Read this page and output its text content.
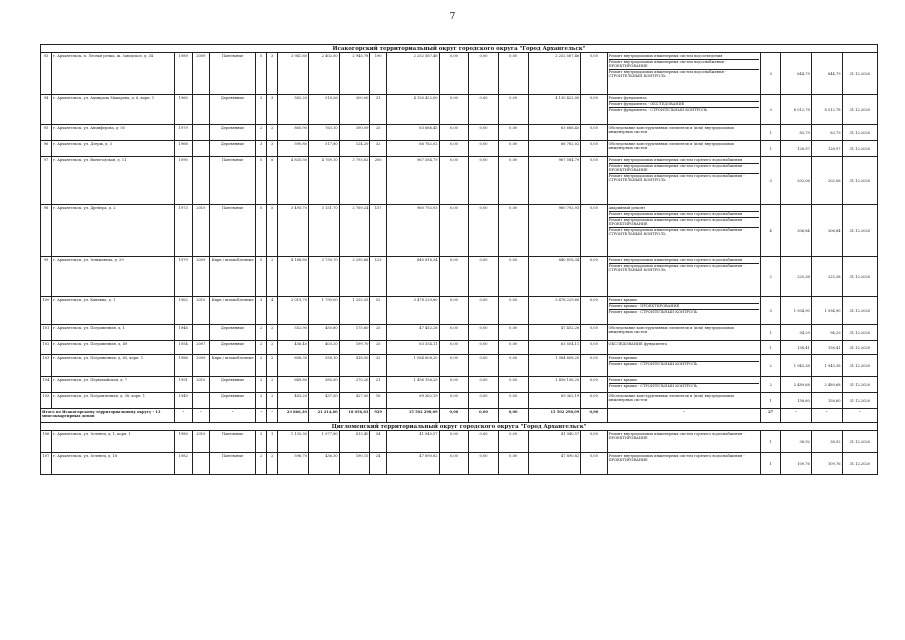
7
Исакогорский территориальный округ городского округа "Город Архангельск"																					
93	г. Архангельск, п. Лесная речка, ш. Заводское, д. 34	1989	2009	Панельные	5	3	3 941,60	2 402,50	2 945,78	190	2 252 567,46	0,00	0,00	0,00	2 252 567,46	0,00	Ремонт внутридомовых инженерных систем водоотведения
Ремонт внутридомовых инженерных систем водоснабжения - ПРОЕКТИРОВАНИЕ
Ремонт внутридомовых инженерных систем водоснабжения - СТРОИТЕЛЬНЫЙ КОНТРОЛЬ	3	644,79	644,79	31.12.2020
94	г. Архангельск, ул. Адмирала Макарова, д. 6, корп. 1	1960		Деревянные	2	3	582,20	518,56	300,00	31	4 130 422,00	0,00	0,00	0,00	4 130 422,00	0,00	Ремонт фундамента
Ремонт фундамента - ОБСЛЕДОВАНИЕ
Ремонт фундамента - СТРОИТЕЛЬНЫЙ КОНТРОЛЬ	3	8 012,78	8 012,78	31.12.2020
95	г. Архангельск, ул. Анциферова, д. 50	1979		Деревянные	2	2	865,90	763,10	390,09	25	63 686,45	0,00	0,00	0,00	63 686,45	0,00	Обследование конструктивных элементов и (или) внутридомовых инженерных систем	1	83,79	83,79	31.12.2020
96	г. Архангельск, ул. Дзерж, д. 3	1968		Деревянные	3	3	590,80	517,80	124,20	32	66 782,02	0,00	0,00	0,00	66 782,02	0,00	Обследование конструктивных элементов и (или) внутридомовых инженерных систем	1	128,97	128,97	31.12.2020
97	г. Архангельск, ул. Вычегодская, д. 11	1990		Панельные	5	8	4 835,50	4 769,10	3 793,82	200	967 584,79	0,00	0,00	0,00	967 584,79	0,00	Ремонт внутридомовых инженерных систем горячего водоснабжения
Ремонт внутридомовых инженерных систем горячего водоснабжения - ПРОЕКТИРОВАНИЕ
Ремонт внутридомовых инженерных систем горячего водоснабжения - СТРОИТЕЛЬНЫЙ КОНТРОЛЬ	3	202,06	202,06	31.12.2020
98	г. Архангельск, ул. Дрейера, д. 2	1973	2010	Панельные	5	5	3 495,70	3 151,70	2 769,24	157	960 792,93	0,00	0,00	0,00	960 792,93	0,00	Аварийный ремонт
Ремонт внутридомовых инженерных систем горячего водоснабжения
Ремонт внутридомовых инженерных систем горячего водоснабжения - ПРОЕКТИРОВАНИЕ
Ремонт внутридомовых инженерных систем горячего водоснабжения - СТРОИТЕЛЬНЫЙ КОНТРОЛЬ	4	306,84	306,84	31.12.2020
99	г. Архангельск, ул. Зеньковича, д. 29	1979	2009	Кирп./ шлакоблочные	5	2	4 188,80	3 730,70	3 295,66	123	840 818,34	0,00	0,00	0,00	840 818,34	0,00	Ремонт внутридомовых инженерных систем горячего водоснабжения
Ремонт внутридомовых инженерных систем горячего водоснабжения - СТРОИТЕЛЬНЫЙ КОНТРОЛЬ	2	225,38	225,38	31.12.2020
100	г. Архангельск, ул. Канавна, д. 1	1962	2010	Кирп./ шлакоблочные	3	4	2 019,70	1 790,00	1 255,55	52	3 478 229,60	0,00	0,00	0,00	3 478 229,60	0,00	Ремонт крыши
Ремонт крыши - ПРОЕКТИРОВАНИЕ
Ремонт крыши - СТРОИТЕЛЬНЫЙ КОНТРОЛЬ	3	1 934,90	1 934,90	31.12.2020
101	г. Архангельск, ул. Пограничная, д. 1	1946		Деревянные	2	2	552,90	450,80	175,60	25	47 452,28	0,00	0,00	0,00	47 452,28	0,00	Обследование конструктивных элементов и (или) внутридомовых инженерных систем	1	94,29	94,29	31.12.2020
102	г. Архангельск, ул. Пограничная, д. 49	1954	2007	Деревянные	2	2	456,40	403,20	199,70	25	63 554,11	0,00	0,00	0,00	63 554,11	0,00	ОБСЛЕДОВАНИЕ фундамента	1	158,41	158,41	31.12.2020
103	г. Архангельск, ул. Пограничная, д. 65, корп. 1	1986	2009	Кирп./ шлакоблочные	2	2	608,30	558,10	418,50	32	1 084 608,20	0,00	0,00	0,00	1 084 608,20	0,00	Ремонт крыши
Ремонт крыши - СТРОИТЕЛЬНЫЙ КОНТРОЛЬ	2	1 943,38	1 943,38	31.12.2020
104	г. Архангельск, ул. Первомайская, д. 7	1991	2010	Деревянные	2	2	649,80	585,00	270,20	21	1 456 156,25	0,00	0,00	0,00	1 456 156,25	0,00	Ремонт крыши
Ремонт крыши - СТРОИТЕЛЬНЫЙ КОНТРОЛЬ	2	2 489,68	2 489,68	31.12.2020
105	г. Архангельск, ул. Погрантичная, д. 38, корп. 1	1949		Деревянные	2	2	483,20	437,50	427,00	16	69 362,19	0,00	0,00	0,00	69 362,19	0,00	Обследование конструктивных элементов и (или) внутридомовых инженерных систем	1	158,60	158,60	31.12.2020
Итого по Исакогорскому территориальному округу - 13 многоквартирных домов		-	-	-	-	-	23 866,30	21 214,60	18 056,83	929	15 502 298,09	0,00	0,00	0,00	15 502 298,09	0,00	-	27	-	-	-
Цигломенский территориальный округ городского округа "Город Архангельск"																					
106	г. Архангельск, ул. Зеленец, д. 1, корп. 1	1980	2010	Панельные	2	1	1 135,30	1 077,80	813,40	54	41 940,57	0,00	0,00	0,00	41 940,57	0,00	Ремонт внутридомовых инженерных систем горячего водоснабжения - ПРОЕКТИРОВАНИЕ	1	38,92	38,92	31.12.2020
107	г. Архангельск, ул. Зеленец, д. 18	1982		Панельные	2	2	596,70	436,30	190,15	24	47 890,82	0,00	0,00	0,00	47 890,82	0,00	Ремонт внутридомовых инженерных систем горячего водоснабжения - ПРОЕКТИРОВАНИЕ	1	109,76	109,76	31.12.2020
